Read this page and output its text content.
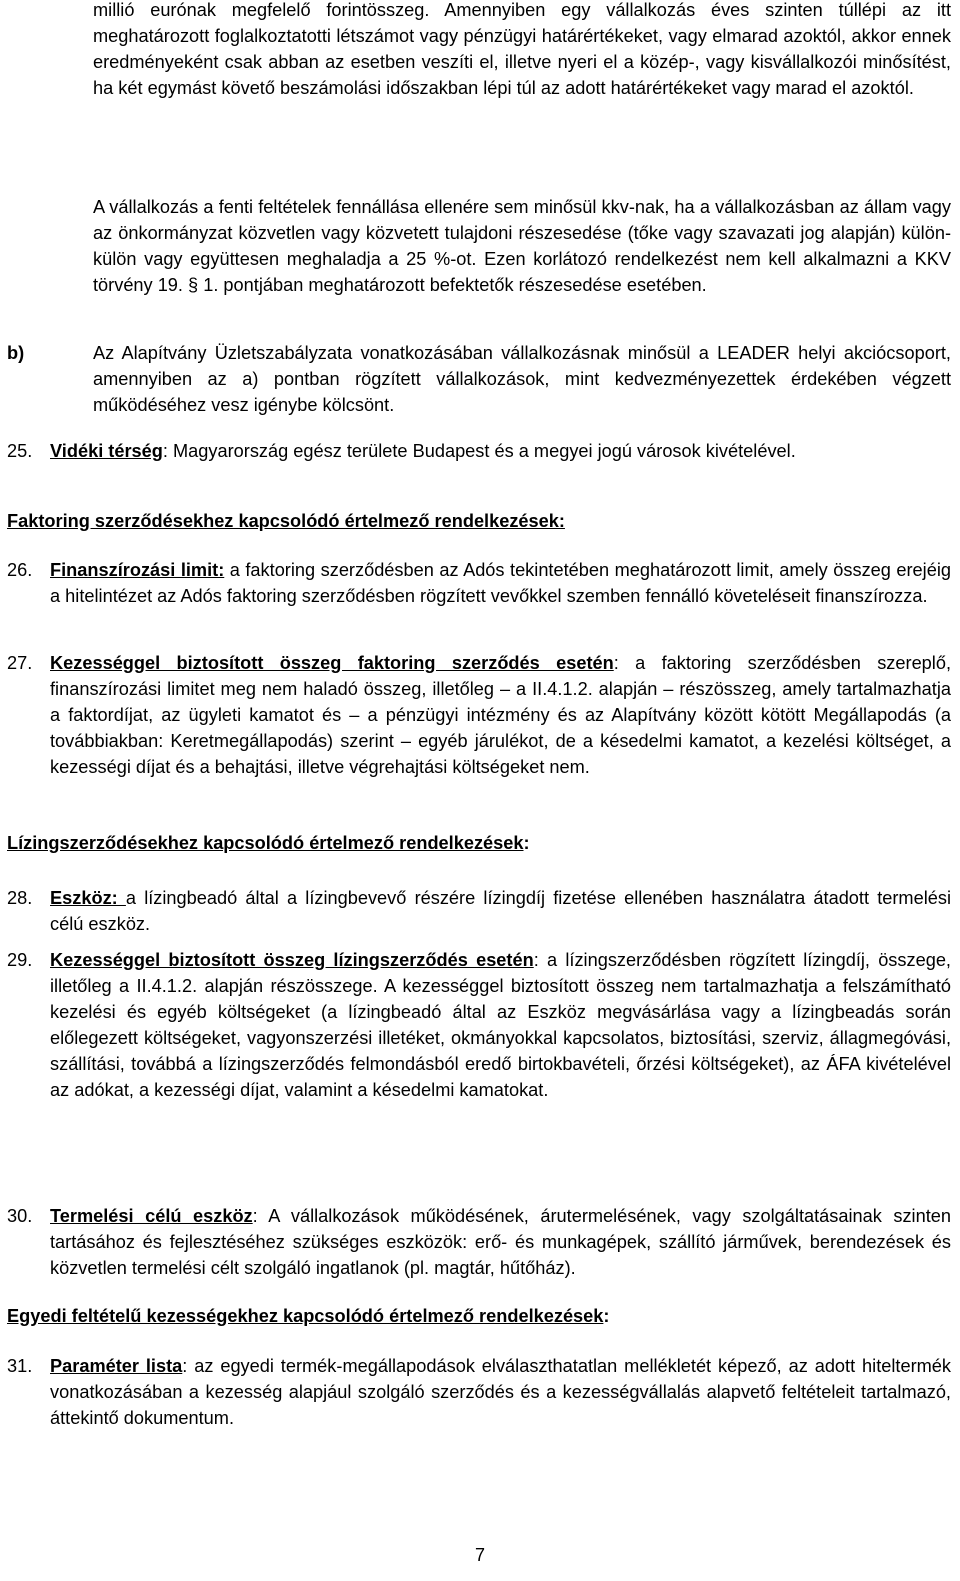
millió eurónak megfelelő forintösszeg. Amennyiben egy vállalkozás éves szinten túllépi az itt meghatározott foglalkoztatotti létszámot vagy pénzügyi határértékeket, vagy elmarad azoktól, akkor ennek eredményeként csak abban az esetben veszíti el, illetve nyeri el a közép-, vagy kisvállalkozói minősítést, ha két egymást követő beszámolási időszakban lépi túl az adott határértékeket vagy marad el azoktól.

A vállalkozás a fenti feltételek fennállása ellenére sem minősül kkv-nak, ha a vállalkozásban az állam vagy az önkormányzat közvetlen vagy közvetett tulajdoni részesedése (tőke vagy szavazati jog alapján) külön-külön vagy együttesen meghaladja a 25 %-ot. Ezen korlátozó rendelkezést nem kell alkalmazni a KKV törvény 19. § 1. pontjában meghatározott befektetők részesedése esetében.

b)	Az Alapítvány Üzletszabályzata vonatkozásában vállalkozásnak minősül a LEADER helyi akciócsoport, amennyiben az a) pontban rögzített vállalkozások, mint kedvezményezettek érdekében végzett működéséhez vesz igénybe kölcsönt.

25. Vidéki térség: Magyarország egész területe Budapest és a megyei jogú városok kivételével.

Faktoring szerződésekhez kapcsolódó értelmező rendelkezések:
26. Finanszírozási limit: a faktoring szerződésben az Adós tekintetében meghatározott limit, amely összeg erejéig a hitelintézet az Adós faktoring szerződésben rögzített vevőkkel szemben fennálló követeléseit finanszírozza.

27. Kezességgel biztosított összeg faktoring szerződés esetén: a faktoring szerződésben szereplő, finanszírozási limitet meg nem haladó összeg, illetőleg – a II.4.1.2. alapján – részösszeg, amely tartalmazhatja a faktordíjat, az ügyleti kamatot és – a pénzügyi intézmény és az Alapítvány között kötött Megállapodás (a továbbiakban: Keretmegállapodás) szerint – egyéb járulékot, de a késedelmi kamatot, a kezelési költséget, a kezességi díjat és a behajtási, illetve végrehajtási költségeket nem.

Lízingszerződésekhez kapcsolódó értelmező rendelkezések:
28. Eszköz: a lízingbeadó által a lízingbevevő részére lízingdíj fizetése ellenében használatra átadott termelési célú eszköz.

29. Kezességgel biztosított összeg lízingszerződés esetén: a lízingszerződésben rögzített lízingdíj, összege, illetőleg a II.4.1.2. alapján részösszege. A kezességgel biztosított összeg nem tartalmazhatja a felszámítható kezelési és egyéb költségeket (a lízingbeadó által az Eszköz megvásárlása vagy a lízingbeadás során előlegezett költségeket, vagyonszerzési illetéket, okmányokkal kapcsolatos, biztosítási, szerviz, állagmegóvási, szállítási, továbbá a lízingszerződés felmondásból eredő birtokbavételi, őrzési költségeket), az ÁFA kivételével az adókat, a kezességi díjat, valamint a késedelmi kamatokat.

30. Termelési célú eszköz: A vállalkozások működésének, árutermelésének, vagy szolgáltatásainak szinten tartásához és fejlesztéséhez szükséges eszközök: erő- és munkagépek, szállító járművek, berendezések és közvetlen termelési célt szolgáló ingatlanok (pl. magtár, hűtőház).

Egyedi feltételű kezességekhez kapcsolódó értelmező rendelkezések:
31. Paraméter lista: az egyedi termék-megállapodások elválaszthatatlan mellékletét képező, az adott hiteltermék vonatkozásában a kezesség alapjául szolgáló szerződés és a kezességvállalás alapvető feltételeit tartalmazó, áttekintő dokumentum.

7
